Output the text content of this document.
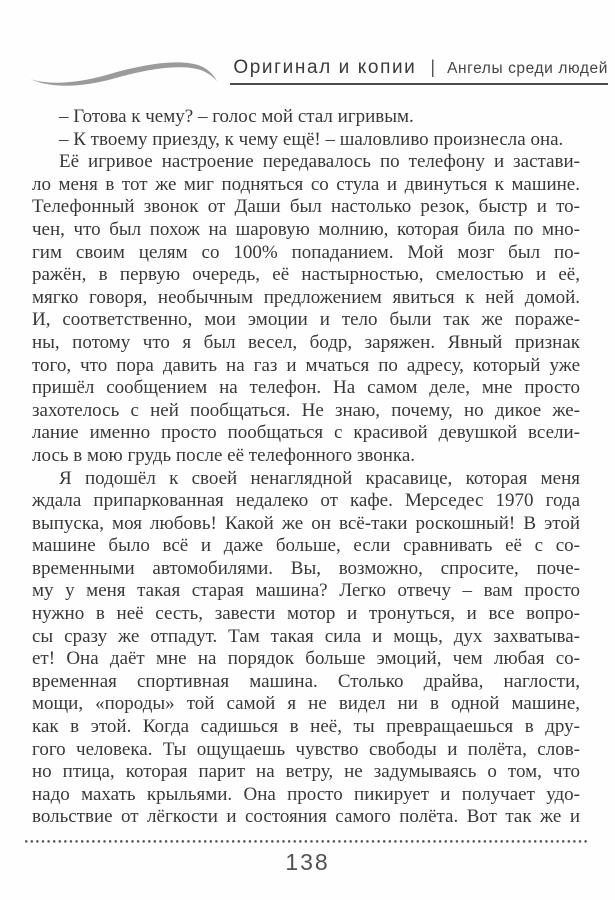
Оригинал и копии | Ангелы среди людей
– Готова к чему? – голос мой стал игривым.
– К твоему приезду, к чему ещё! – шаловливо произнесла она.
Её игривое настроение передавалось по телефону и застави-
ло меня в тот же миг подняться со стула и двинуться к машине.
Телефонный звонок от Даши был настолько резок, быстр и то-
чен, что был похож на шаровую молнию, которая била по мно-
гим своим целям со 100% попаданием. Мой мозг был по-
ражён, в первую очередь, её настырностью, смелостью и её,
мягко говоря, необычным предложением явиться к ней домой.
И, соответственно, мои эмоции и тело были так же пораже-
ны, потому что я был весел, бодр, заряжен. Явный признак
того, что пора давить на газ и мчаться по адресу, который уже
пришёл сообщением на телефон. На самом деле, мне просто
захотелось с ней пообщаться. Не знаю, почему, но дикое же-
лание именно просто пообщаться с красивой девушкой всели-
лось в мою грудь после её телефонного звонка.
Я подошёл к своей ненаглядной красавице, которая меня
ждала припаркованная недалеко от кафе. Мерседес 1970 года
выпуска, моя любовь! Какой же он всё-таки роскошный! В этой
машине было всё и даже больше, если сравнивать её с со-
временными автомобилями. Вы, возможно, спросите, поче-
му у меня такая старая машина? Легко отвечу – вам просто
нужно в неё сесть, завести мотор и тронуться, и все вопро-
сы сразу же отпадут. Там такая сила и мощь, дух захватыва-
ет! Она даёт мне на порядок больше эмоций, чем любая со-
временная спортивная машина. Столько драйва, наглости,
мощи, «породы» той самой я не видел ни в одной машине,
как в этой. Когда садишься в неё, ты превращаешься в дру-
гого человека. Ты ощущаешь чувство свободы и полёта, слов-
но птица, которая парит на ветру, не задумываясь о том, что
надо махать крыльями. Она просто пикирует и получает удо-
вольствие от лёгкости и состояния самого полёта. Вот так же и
138
